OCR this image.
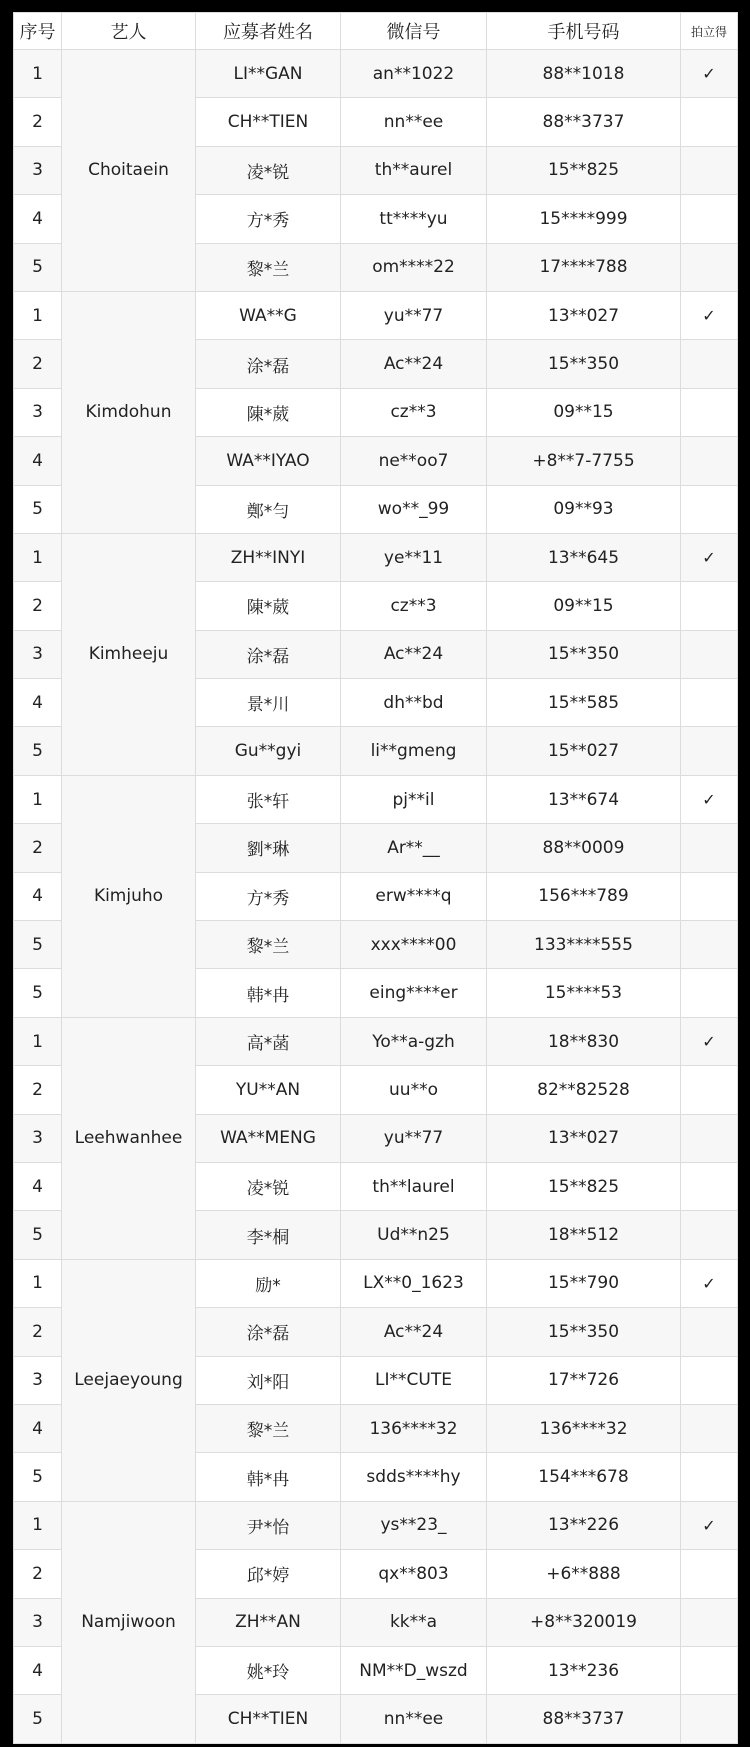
序号	艺人	应募者姓名	微信号	手机号码	拍立得
1	Choitaein	LI**GAN	an**1022	88**1018	✓
2		CH**TIEN	nn**ee	88**3737	
3		凌*锐	th**aurel	15**825	
4		方*秀	tt****yu	15****999	
5		黎*兰	om****22	17****788	
1	Kimdohun	WA**G	yu**77	13**027	✓
2		涂*磊	Ac**24	15**350	
3		陳*葳	cz**3	09**15	
4		WA**IYAO	ne**oo7	+8**7-7755	
5		鄭*勻	wo**_99	09**93	
1	Kimheeju	ZH**INYI	ye**11	13**645	✓
2		陳*葳	cz**3	09**15	
3		涂*磊	Ac**24	15**350	
4		景*川	dh**bd	15**585	
5		Gu**gyi	li**gmeng	15**027	
1	Kimjuho	张*轩	pj**il	13**674	✓
2		劉*琳	Ar**__	88**0009	
4		方*秀	erw****q	156***789	
5		黎*兰	xxx****00	133****555	
5		韩*冉	eing****er	15****53	
1	Leehwanhee	高*菡	Yo**a-gzh	18**830	✓
2		YU**AN	uu**o	82**82528	
3		WA**MENG	yu**77	13**027	
4		凌*锐	th**laurel	15**825	
5		李*桐	Ud**n25	18**512	
1	Leejaeyoung	励*	LX**0_1623	15**790	✓
2		涂*磊	Ac**24	15**350	
3		刘*阳	LI**CUTE	17**726	
4		黎*兰	136****32	136****32	
5		韩*冉	sdds****hy	154***678	
1	Namjiwoon	尹*怡	ys**23_	13**226	✓
2		邱*婷	qx**803	+6**888	
3		ZH**AN	kk**a	+8**320019	
4		姚*玲	NM**D_wszd	13**236	
5		CH**TIEN	nn**ee	88**3737	
